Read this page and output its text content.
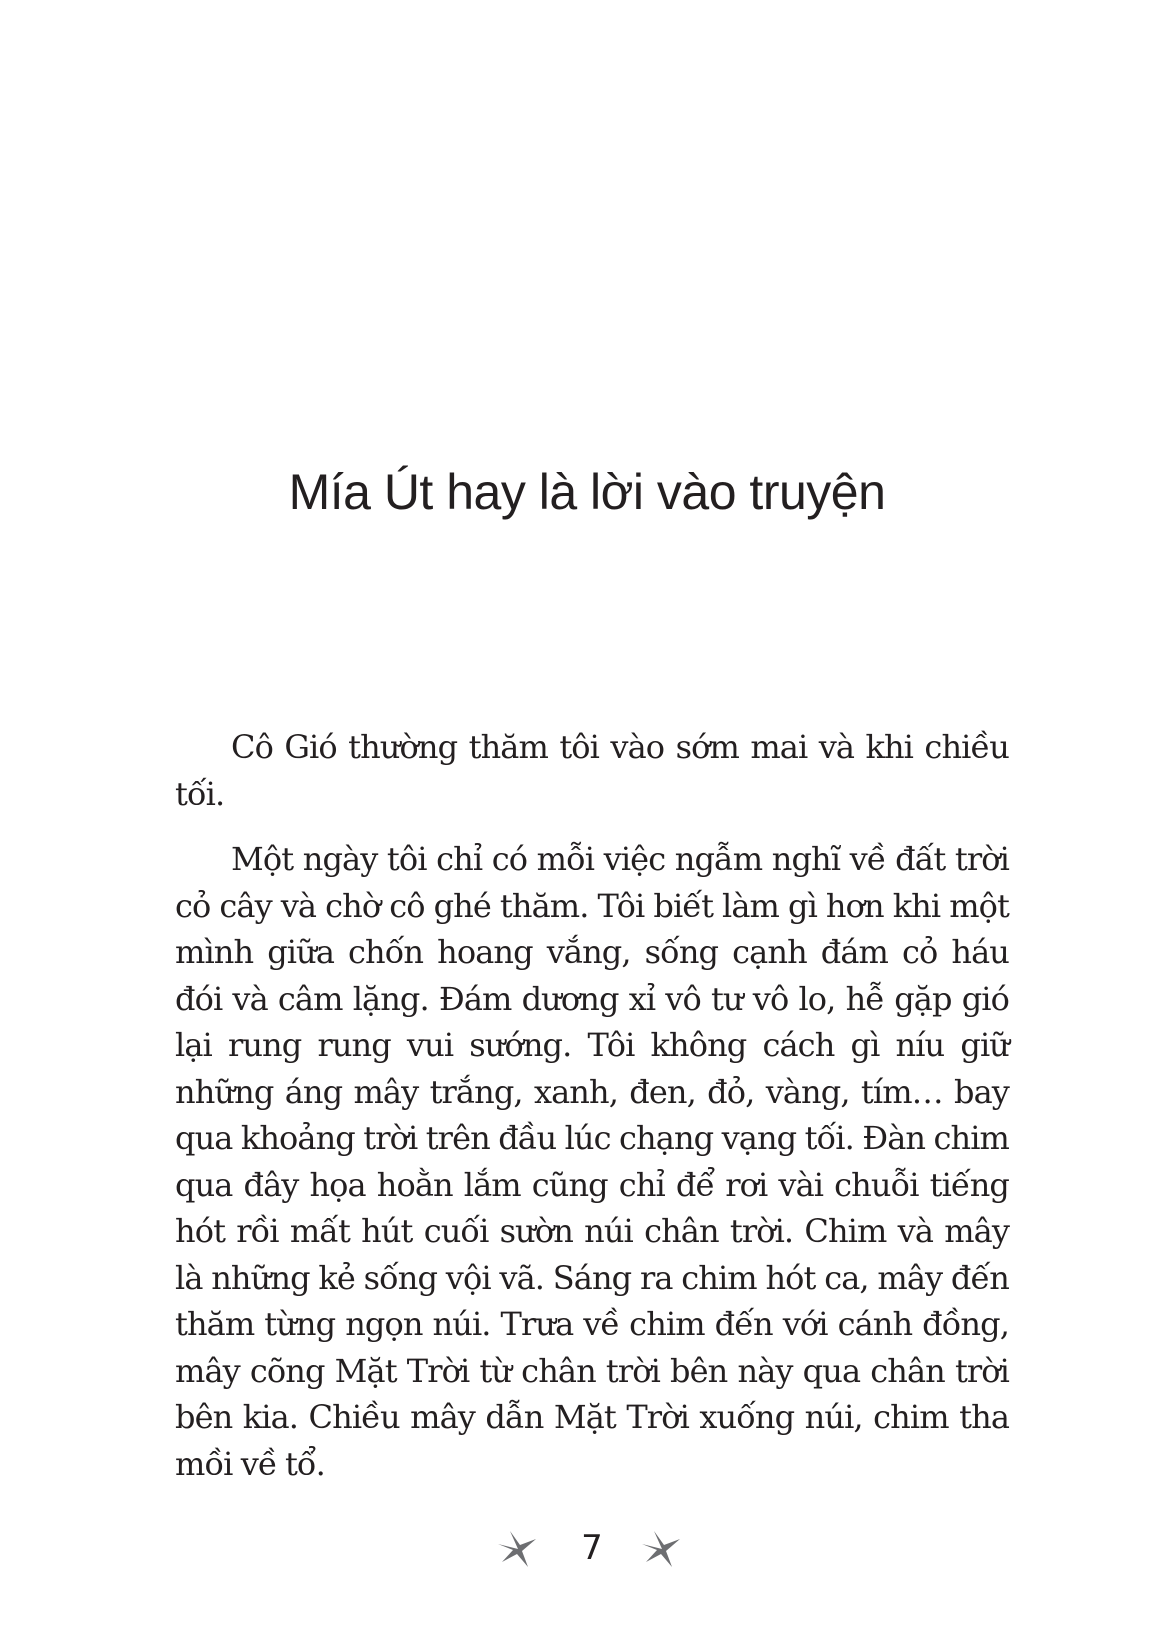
Mía Út hay là lời vào truyện

Cô Gió thường thăm tôi vào sớm mai và khi chiều tối.

Một ngày tôi chỉ có mỗi việc ngẫm nghĩ về đất trời cỏ cây và chờ cô ghé thăm. Tôi biết làm gì hơn khi một mình giữa chốn hoang vắng, sống cạnh đám cỏ háu đói và câm lặng. Đám dương xỉ vô tư vô lo, hễ gặp gió lại rung rung vui sướng. Tôi không cách gì níu giữ những áng mây trắng, xanh, đen, đỏ, vàng, tím… bay qua khoảng trời trên đầu lúc chạng vạng tối. Đàn chim qua đây họa hoằn lắm cũng chỉ để rơi vài chuỗi tiếng hót rồi mất hút cuối sườn núi chân trời. Chim và mây là những kẻ sống vội vã. Sáng ra chim hót ca, mây đến thăm từng ngọn núi. Trưa về chim đến với cánh đồng, mây cõng Mặt Trời từ chân trời bên này qua chân trời bên kia. Chiều mây dẫn Mặt Trời xuống núi, chim tha mồi về tổ.

7
